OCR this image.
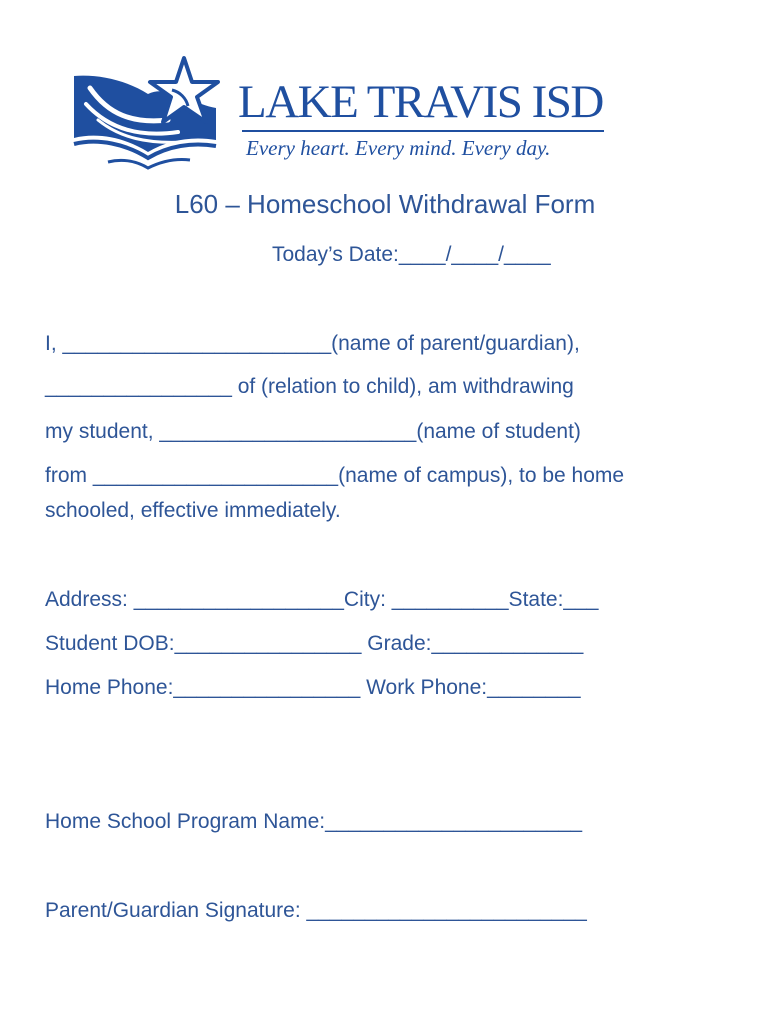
LAKE TRAVIS ISD
Every heart. Every mind. Every day.
L60 – Homeschool Withdrawal Form
Today’s Date:____/____/____
I, _______________________(name of parent/guardian),
________________ of (relation to child), am withdrawing
my student, ______________________(name of student)
from _____________________(name of campus), to be home
schooled, effective immediately.
Address: __________________City: __________State:___
Student DOB:________________ Grade:_____________
Home Phone:________________ Work Phone:________
Home School Program Name:______________________
Parent/Guardian Signature: ________________________
